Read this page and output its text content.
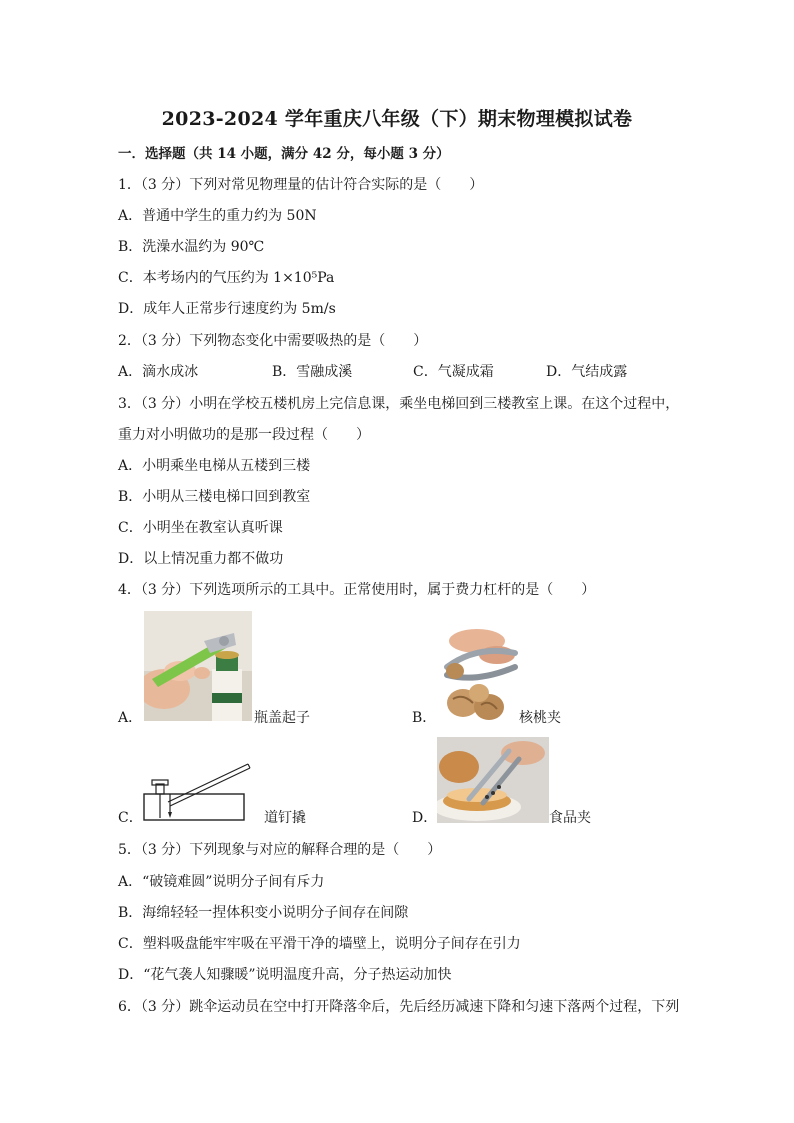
2023-2024 学年重庆八年级（下）期末物理模拟试卷
一．选择题（共 14 小题，满分 42 分，每小题 3 分）
1．（3 分）下列对常见物理量的估计符合实际的是（　　）
A．普通中学生的重力约为 50N
B．洗澡水温约为 90℃
C．本考场内的气压约为 1×10⁵Pa
D．成年人正常步行速度约为 5m/s
2．（3 分）下列物态变化中需要吸热的是（　　）
A．滴水成冰	B．雪融成溪	C．气凝成霜	D．气结成露
3．（3 分）小明在学校五楼机房上完信息课，乘坐电梯回到三楼教室上课。在这个过程中，
重力对小明做功的是那一段过程（　　）
A．小明乘坐电梯从五楼到三楼
B．小明从三楼电梯口回到教室
C．小明坐在教室认真听课
D．以上情况重力都不做功
4．（3 分）下列选项所示的工具中。正常使用时，属于费力杠杆的是（　　）
A．	瓶盖起子	B．	核桃夹
C．	道钉撬	D．	食品夹
5．（3 分）下列现象与对应的解释合理的是（　　）
A．“破镜难圆”说明分子间有斥力
B．海绵轻轻一捏体积变小说明分子间存在间隙
C．塑料吸盘能牢牢吸在平滑干净的墙壁上，说明分子间存在引力
D．“花气袭人知骤暖”说明温度升高，分子热运动加快
6．（3 分）跳伞运动员在空中打开降落伞后，先后经历减速下降和匀速下落两个过程，下列
